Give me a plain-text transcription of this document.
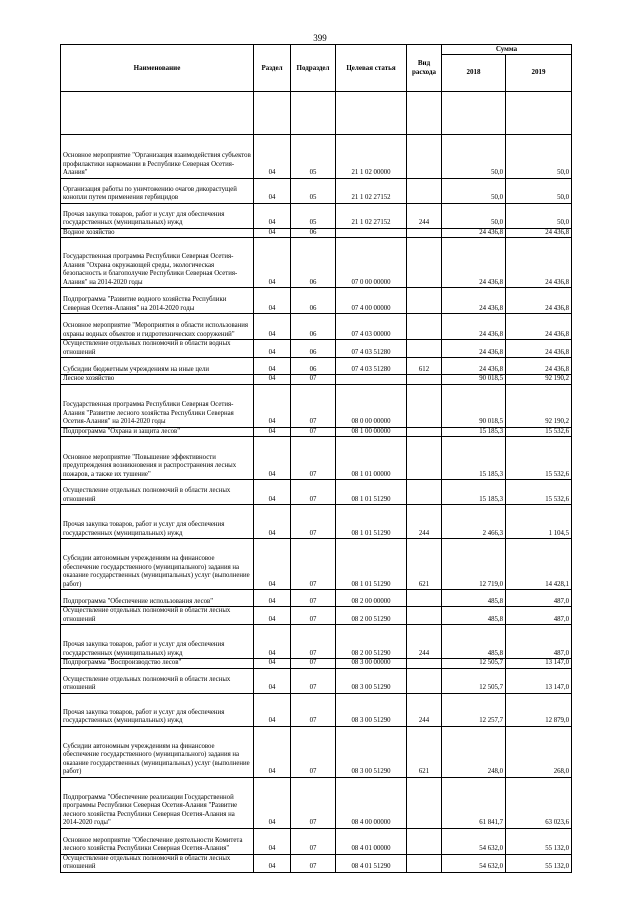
399
Наименование	Раздел	Подраздел	Целевая статья	Вид расхода	Сумма	
					2018	2019

Основное мероприятие "Организация взаимодействия субъектов профилактики наркомании в Республике Северная Осетия-Алания"	04	05	21 1 02 00000		50,0	50,0
Организация работы по уничтожению очагов дикорастущей конопли путем применения гербицидов	04	05	21 1 02 27152		50,0	50,0
Прочая закупка товаров, работ и услуг для обеспечения государственных (муниципальных) нужд	04	05	21 1 02 27152	244	50,0	50,0
Водное хозяйство	04	06			24 436,8	24 436,8
Государственная программа Республики Северная Осетия-Алания "Охрана окружающей среды, экологическая безопасность и благополучие Республики Северная Осетия-Алания" на 2014-2020 годы	04	06	07 0 00 00000		24 436,8	24 436,8
Подпрограмма "Развитие водного хозяйства Республики Северная Осетия-Алания" на 2014-2020 годы	04	06	07 4 00 00000		24 436,8	24 436,8
Основное мероприятие "Мероприятия в области использования охраны водных объектов и гидротехнических сооружений"	04	06	07 4 03 00000		24 436,8	24 436,8
Осуществление отдельных полномочий в области водных отношений	04	06	07 4 03 51280		24 436,8	24 436,8
Субсидии бюджетным учреждениям на иные цели	04	06	07 4 03 51280	612	24 436,8	24 436,8
Лесное хозяйство	04	07			90 018,5	92 190,2
Государственная программа Республики Северная Осетия-Алания "Развитие лесного хозяйства Республики Северная Осетия-Алания" на 2014-2020 годы	04	07	08 0 00 00000		90 018,5	92 190,2
Подпрограмма "Охрана и защита лесов"	04	07	08 1 00 00000		15 185,3	15 532,6
Основное мероприятие "Повышение эффективности предупреждения возникновения и распространения лесных пожаров, а также их тушение"	04	07	08 1 01 00000		15 185,3	15 532,6
Осуществление отдельных полномочий в области лесных отношений	04	07	08 1 01 51290		15 185,3	15 532,6
Прочая закупка товаров, работ и услуг для обеспечения государственных (муниципальных) нужд	04	07	08 1 01 51290	244	2 466,3	1 104,5
Субсидии автономным учреждениям на финансовое обеспечение государственного (муниципального) задания на оказание государственных (муниципальных) услуг (выполнение работ)	04	07	08 1 01 51290	621	12 719,0	14 428,1
Подпрограмма "Обеспечение использования лесов"	04	07	08 2 00 00000		485,8	487,0
Осуществление отдельных полномочий в области лесных отношений	04	07	08 2 00 51290		485,8	487,0
Прочая закупка товаров, работ и услуг для обеспечения государственных (муниципальных) нужд	04	07	08 2 00 51290	244	485,8	487,0
Подпрограмма "Воспроизводство лесов"	04	07	08 3 00 00000		12 505,7	13 147,0
Осуществление отдельных полномочий в области лесных отношений	04	07	08 3 00 51290		12 505,7	13 147,0
Прочая закупка товаров, работ и услуг для обеспечения государственных (муниципальных) нужд	04	07	08 3 00 51290	244	12 257,7	12 879,0
Субсидии автономным учреждениям на финансовое обеспечение государственного (муниципального) задания на оказание государственных (муниципальных) услуг (выполнение работ)	04	07	08 3 00 51290	621	248,0	268,0
Подпрограмма "Обеспечение реализации Государственной программы Республики Северная Осетия-Алания "Развитие лесного хозяйства Республики Северная Осетия-Алания на 2014-2020 годы"	04	07	08 4 00 00000		61 841,7	63 023,6
Основное мероприятие "Обеспечение деятельности Комитета лесного хозяйства Республики Северная Осетия-Алания"	04	07	08 4 01 00000		54 632,0	55 132,0
Осуществление отдельных полномочий в области лесных отношений	04	07	08 4 01 51290		54 632,0	55 132,0
